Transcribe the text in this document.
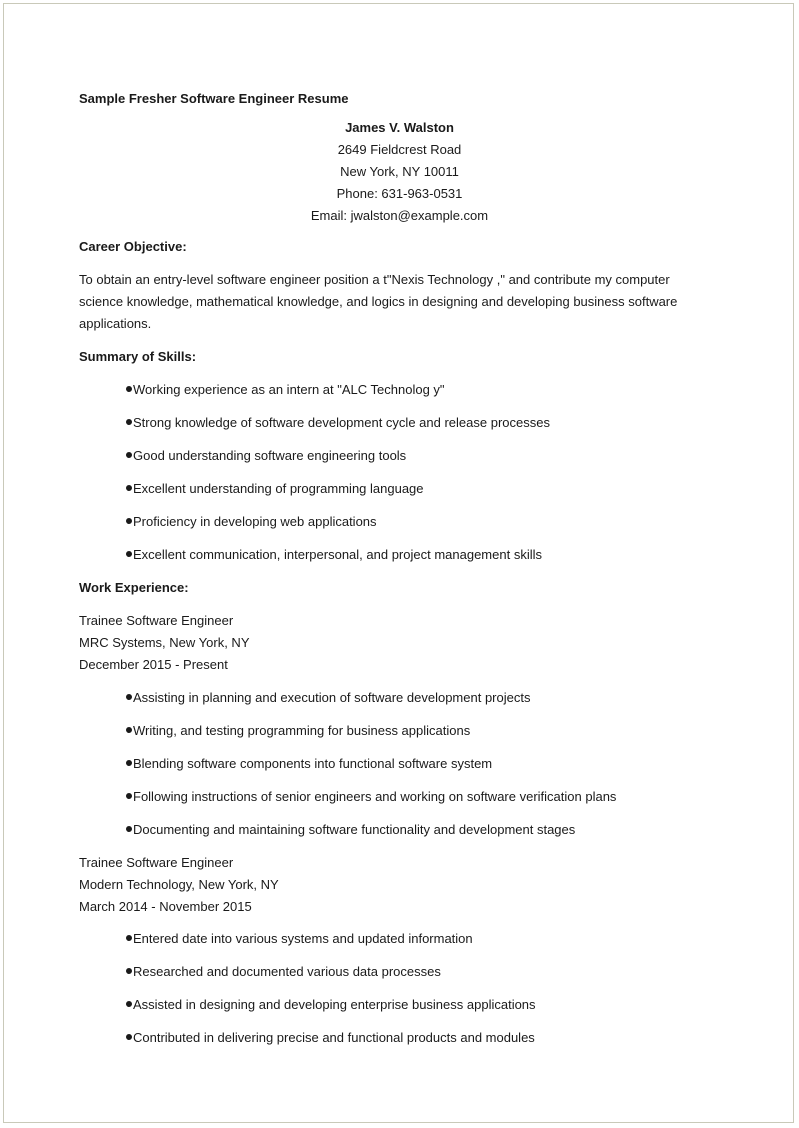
Sample Fresher Software Engineer Resume
James V. Walston
2649 Fieldcrest Road
New York, NY 10011
Phone: 631-963-0531
Email: jwalston@example.com
Career Objective:
To obtain an entry-level software engineer position a t"Nexis Technology ," and contribute my computer
science knowledge, mathematical knowledge, and logics in designing and developing business software
applications.
Summary of Skills:
Working experience as an intern at "ALC Technolog y"
Strong knowledge of software development cycle and release processes
Good understanding software engineering tools
Excellent understanding of programming language
Proficiency in developing web applications
Excellent communication, interpersonal, and project management skills
Work Experience:
Trainee Software Engineer
MRC Systems, New York, NY
December 2015 - Present
Assisting in planning and execution of software development projects
Writing, and testing programming for business applications
Blending software components into functional software system
Following instructions of senior engineers and working on software verification plans
Documenting and maintaining software functionality and development stages
Trainee Software Engineer
Modern Technology, New York, NY
March 2014 - November 2015
Entered date into various systems and updated information
Researched and documented various data processes
Assisted in designing and developing enterprise business applications
Contributed in delivering precise and functional products and modules
